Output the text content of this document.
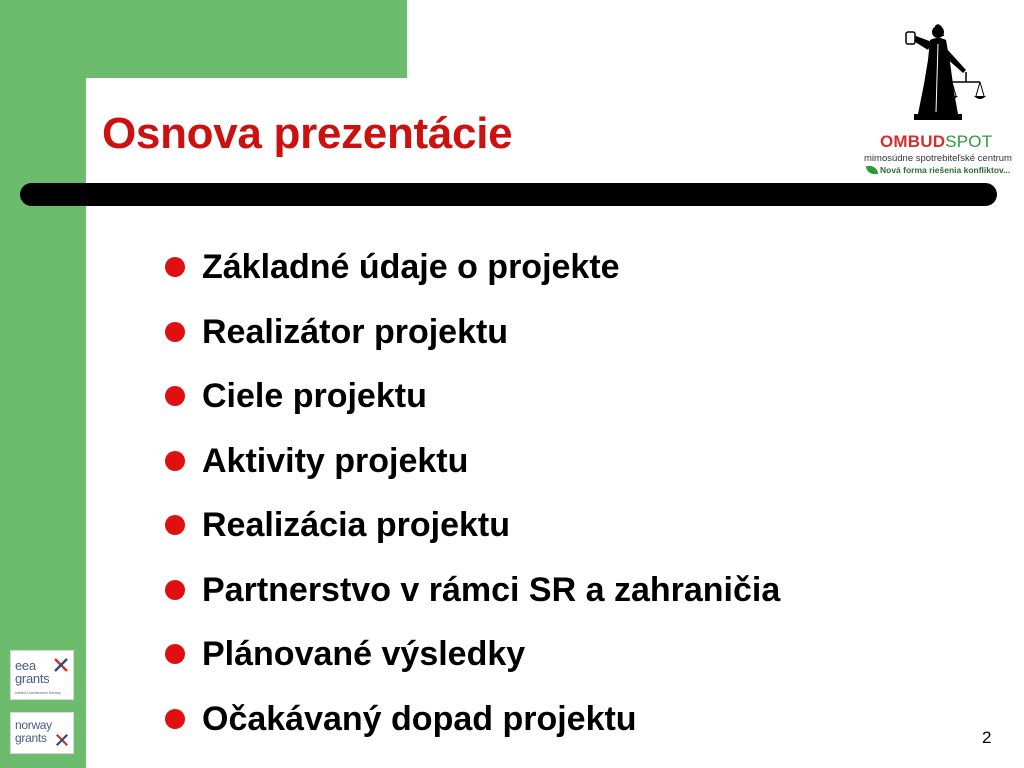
Osnova prezentácie	OMBUDSPOT
mimosúdne spotrebiteľské centrum
Nová forma riešenia konfliktov...
Základné údaje o projekte
Realizátor projektu
Ciele projektu
Aktivity projektu
Realizácia projektu
Partnerstvo v rámci SR a zahraničia
Plánované výsledky
Očakávaný dopad projektu
eea
grants
Iceland Liechtenstein Norway
norway
grants	2
